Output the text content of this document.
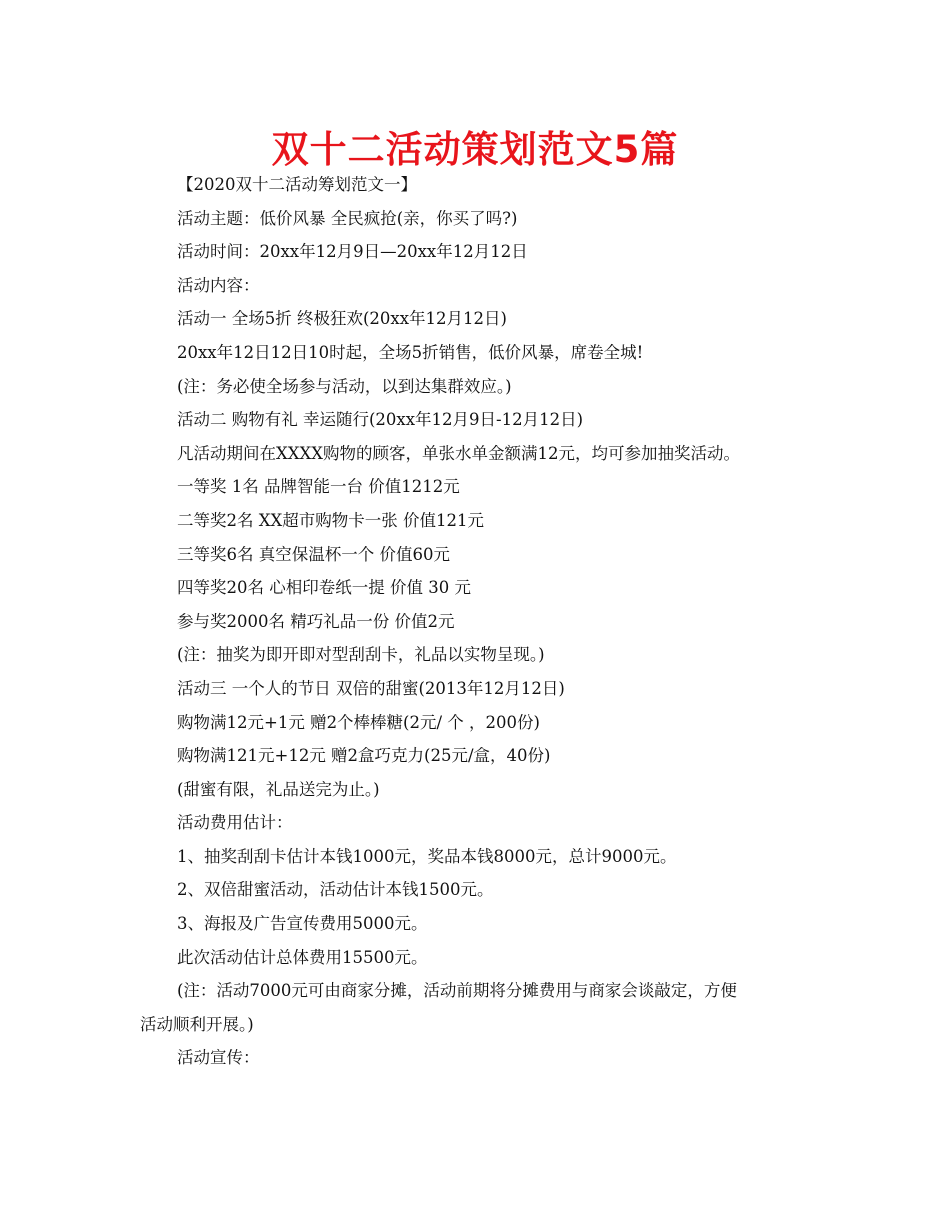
双十二活动策划范文5篇
【2020双十二活动筹划范文一】
活动主题：低价风暴 全民疯抢(亲，你买了吗?)
活动时间：20xx年12月9日—20xx年12月12日
活动内容：
活动一 全场5折 终极狂欢(20xx年12月12日)
20xx年12日12日10时起，全场5折销售，低价风暴，席卷全城!
(注：务必使全场参与活动，以到达集群效应。)
活动二 购物有礼 幸运随行(20xx年12月9日-12月12日)
凡活动期间在XXXX购物的顾客，单张水单金额满12元，均可参加抽奖活动。
一等奖 1名 品牌智能一台 价值1212元
二等奖2名 XX超市购物卡一张 价值121元
三等奖6名 真空保温杯一个 价值60元
四等奖20名 心相印卷纸一提 价值 30 元
参与奖2000名 精巧礼品一份 价值2元
(注：抽奖为即开即对型刮刮卡，礼品以实物呈现。)
活动三 一个人的节日 双倍的甜蜜(2013年12月12日)
购物满12元+1元 赠2个棒棒糖(2元/ 个 ，200份)
购物满121元+12元 赠2盒巧克力(25元/盒，40份)
(甜蜜有限，礼品送完为止。)
活动费用估计：
1、抽奖刮刮卡估计本钱1000元，奖品本钱8000元，总计9000元。
2、双倍甜蜜活动，活动估计本钱1500元。
3、海报及广告宣传费用5000元。
此次活动估计总体费用15500元。
(注：活动7000元可由商家分摊，活动前期将分摊费用与商家会谈敲定，方便
活动顺利开展。)
活动宣传：
